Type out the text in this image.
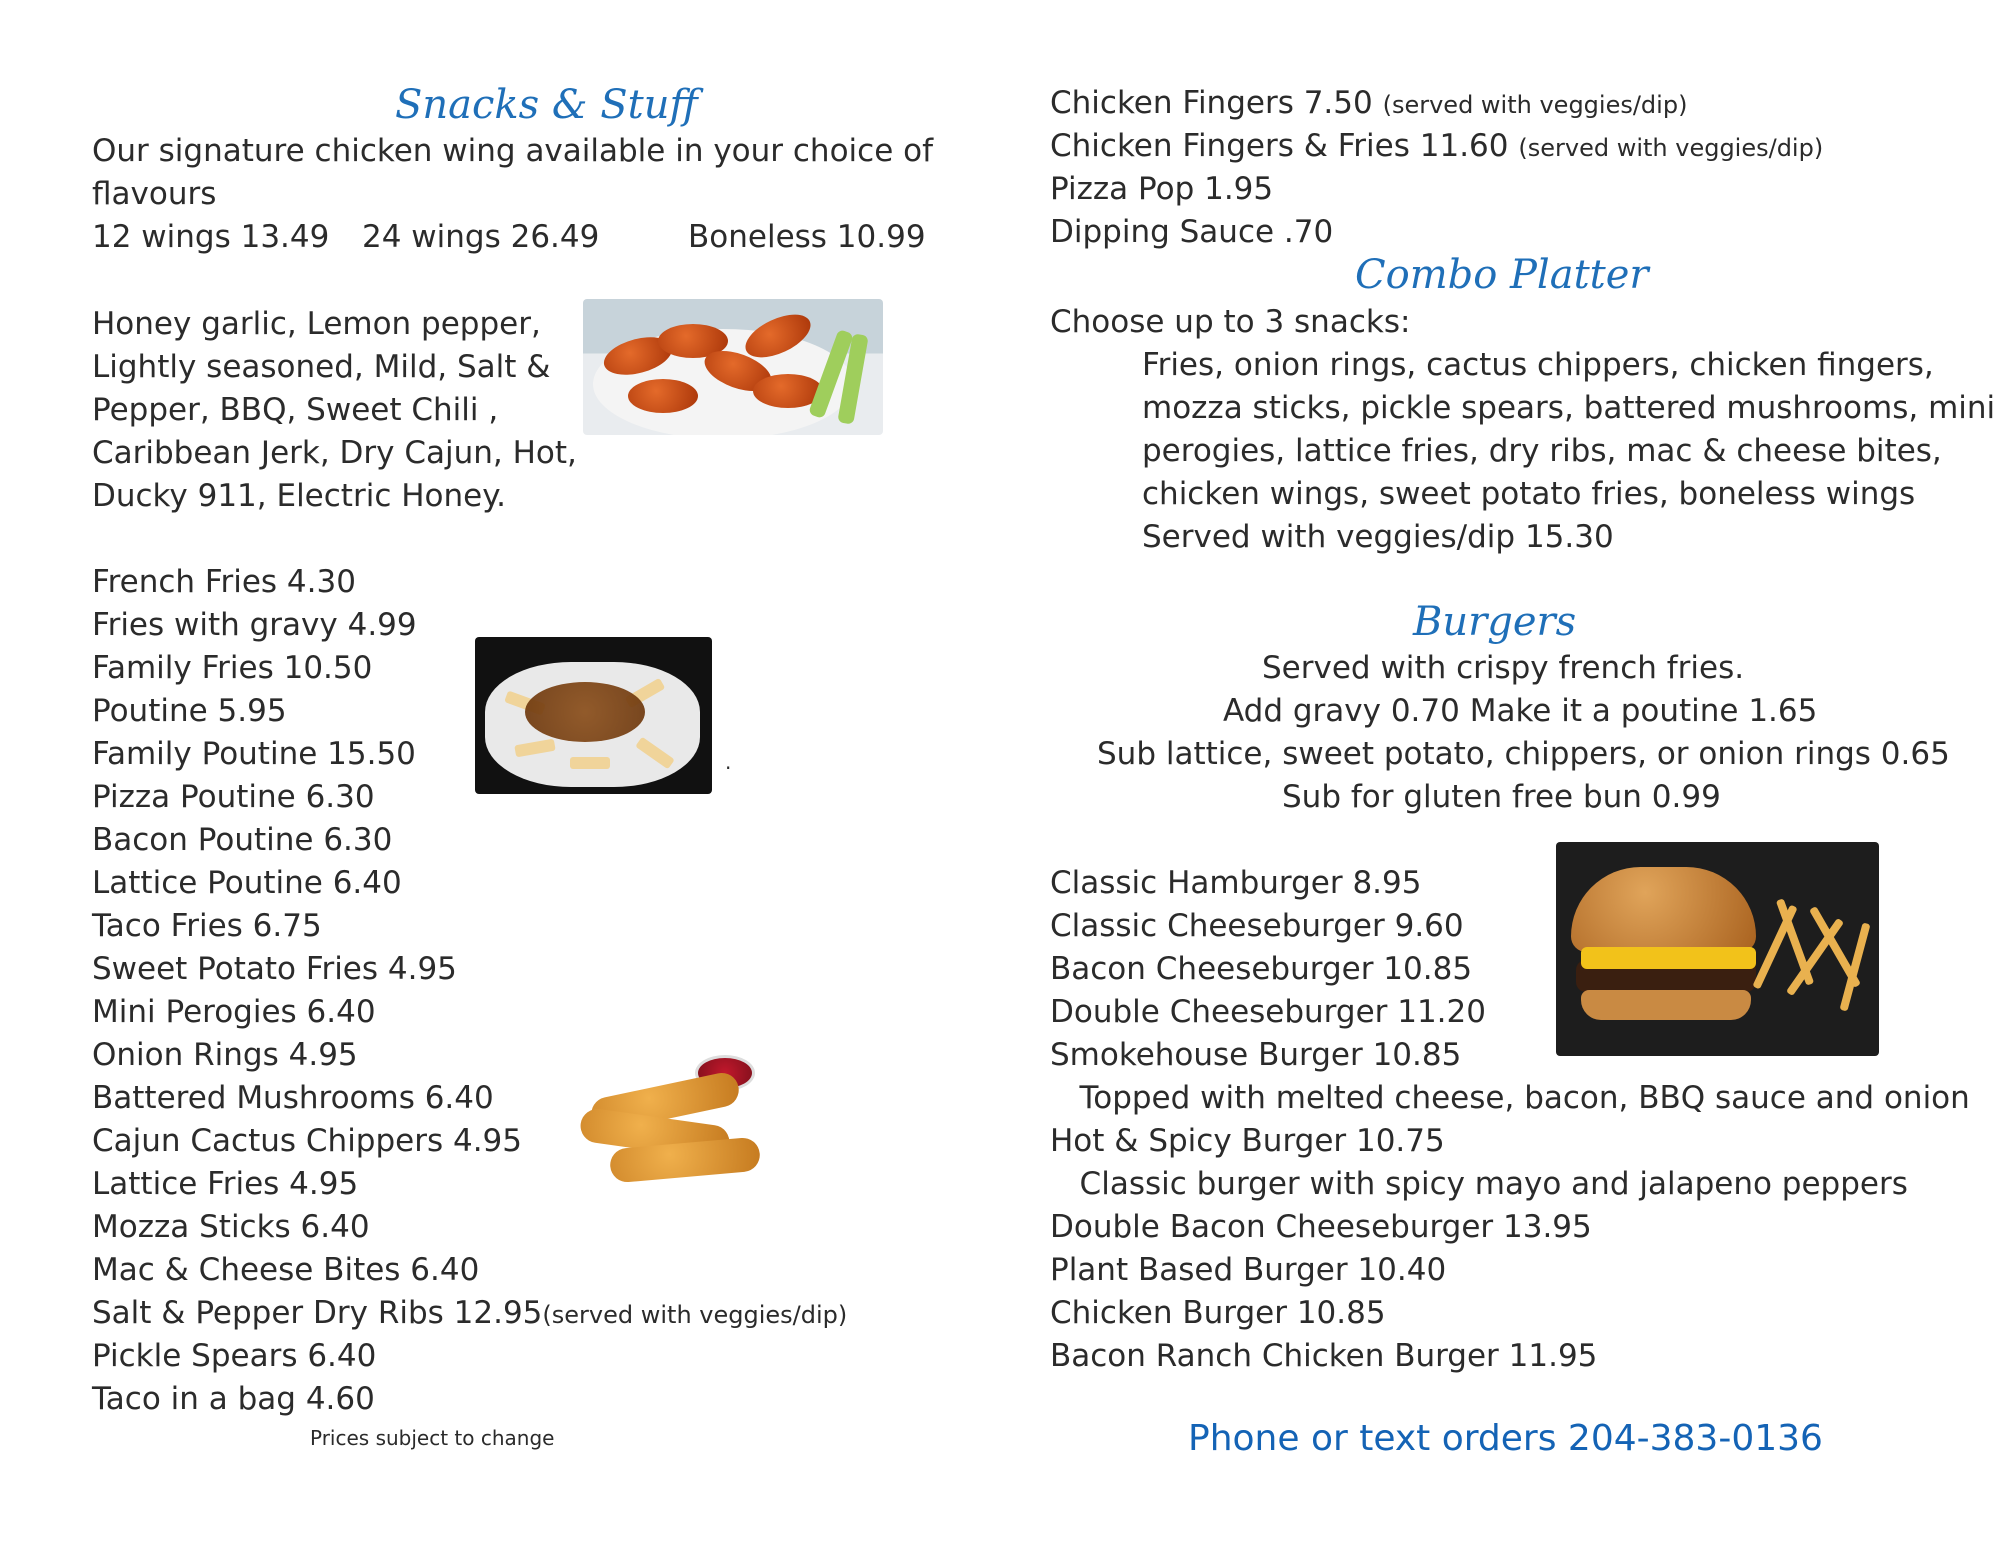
Snacks & Stuff
Our signature chicken wing available in your choice of
flavours
12 wings 13.49 24 wings 26.49	Boneless 10.99
Honey garlic, Lemon pepper,
Lightly seasoned, Mild, Salt &
Pepper, BBQ, Sweet Chili ,
Caribbean Jerk, Dry Cajun, Hot,
Ducky 911, Electric Honey.
French Fries 4.30
Fries with gravy 4.99
Family Fries 10.50
Poutine 5.95
Family Poutine 15.50
Pizza Poutine 6.30
Bacon Poutine 6.30
Lattice Poutine 6.40
Taco Fries 6.75
Sweet Potato Fries 4.95
Mini Perogies 6.40
Onion Rings 4.95
Battered Mushrooms 6.40
Cajun Cactus Chippers 4.95
Lattice Fries 4.95
Mozza Sticks 6.40
Mac & Cheese Bites 6.40
Salt & Pepper Dry Ribs 12.95(served with veggies/dip)
Pickle Spears 6.40
Taco in a bag 4.60
Prices subject to change
.
Chicken Fingers 7.50 (served with veggies/dip)
Chicken Fingers & Fries 11.60 (served with veggies/dip)
Pizza Pop 1.95
Dipping Sauce .70
Combo Platter
Choose up to 3 snacks:
Fries, onion rings, cactus chippers, chicken fingers,
mozza sticks, pickle spears, battered mushrooms, mini
perogies, lattice fries, dry ribs, mac & cheese bites,
chicken wings, sweet potato fries, boneless wings
Served with veggies/dip 15.30
Burgers
Served with crispy french fries.
Add gravy 0.70 Make it a poutine 1.65
Sub lattice, sweet potato, chippers, or onion rings 0.65
Sub for gluten free bun 0.99
Classic Hamburger 8.95
Classic Cheeseburger 9.60
Bacon Cheeseburger 10.85
Double Cheeseburger 11.20
Smokehouse Burger 10.85
Topped with melted cheese, bacon, BBQ sauce and onion
Hot & Spicy Burger 10.75
Classic burger with spicy mayo and jalapeno peppers
Double Bacon Cheeseburger 13.95
Plant Based Burger 10.40
Chicken Burger 10.85
Bacon Ranch Chicken Burger 11.95
Phone or text orders 204-383-0136
